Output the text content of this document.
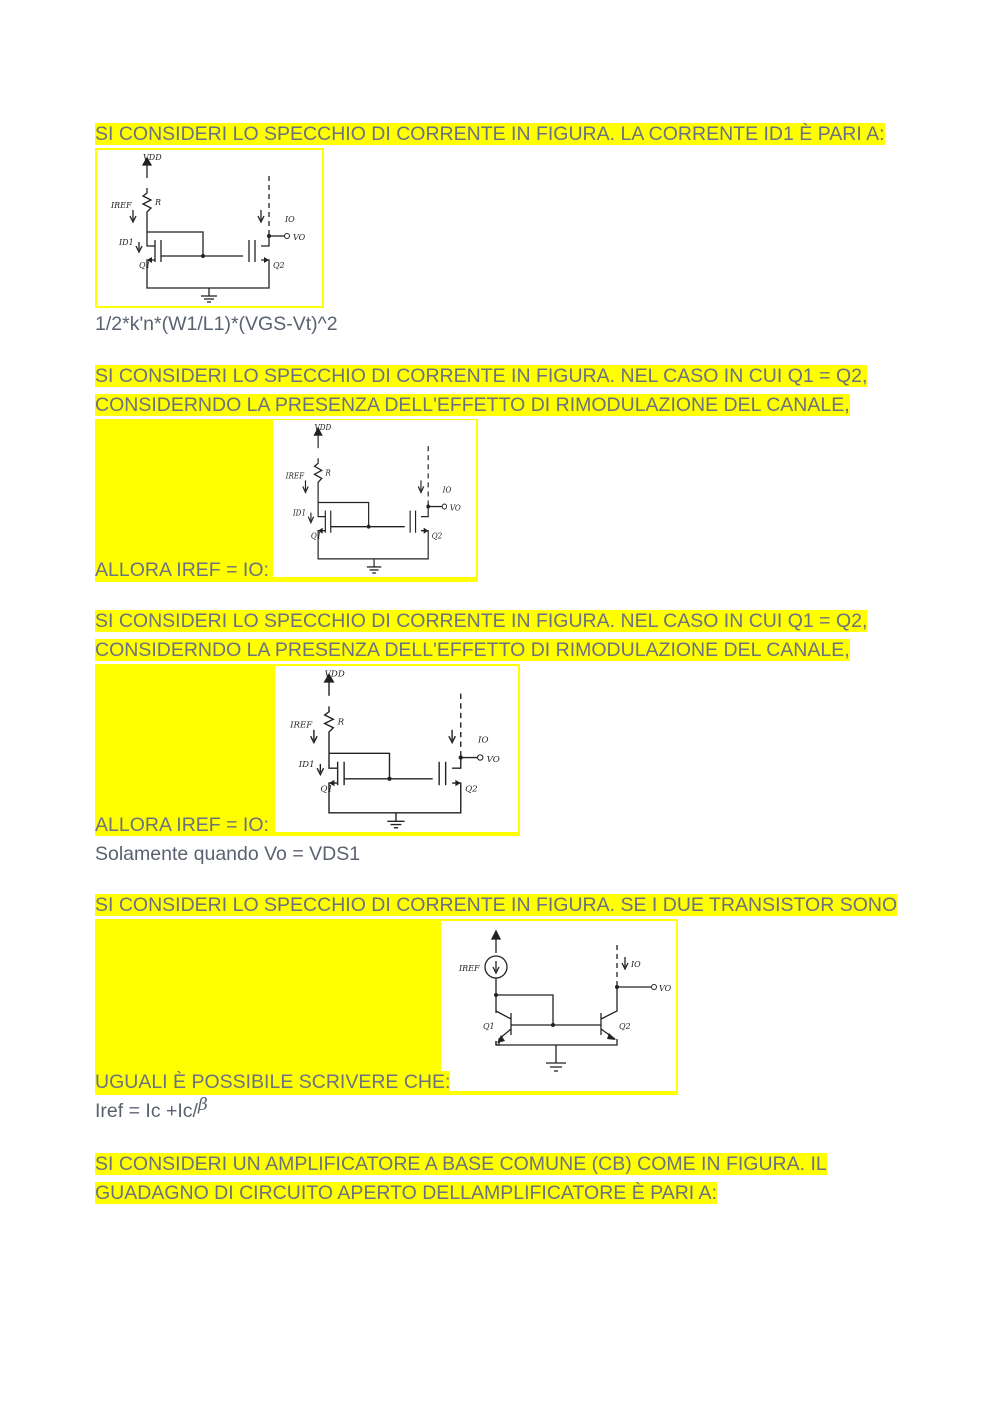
SI CONSIDERI LO SPECCHIO DI CORRENTE IN FIGURA. LA CORRENTE ID1 È PARI A:
VDD
IREF	R
ID1
Q1	Q2
IO
VO
1/2*k'n*(W1/L1)*(VGS-Vt)^2
SI CONSIDERI LO SPECCHIO DI CORRENTE IN FIGURA. NEL CASO IN CUI Q1 = Q2,
CONSIDERNDO LA PRESENZA DELL'EFFETTO DI RIMODULAZIONE DEL CANALE,
VDD
IREF	R
ID1
Q1	Q2
IO
VO
ALLORA IREF = IO:
SI CONSIDERI LO SPECCHIO DI CORRENTE IN FIGURA. NEL CASO IN CUI Q1 = Q2,
CONSIDERNDO LA PRESENZA DELL'EFFETTO DI RIMODULAZIONE DEL CANALE,
VDD
IREF	R
ID1
Q1	Q2
IO
VO
ALLORA IREF = IO:
Solamente quando Vo = VDS1
SI CONSIDERI LO SPECCHIO DI CORRENTE IN FIGURA. SE I DUE TRANSISTOR SONO
IREF
Q1	Q2
IO
VO
UGUALI È POSSIBILE SCRIVERE CHE:
Iref = Ic +Ic/β
SI CONSIDERI UN AMPLIFICATORE A BASE COMUNE (CB) COME IN FIGURA. IL
GUADAGNO DI CIRCUITO APERTO DELLAMPLIFICATORE È PARI A:
